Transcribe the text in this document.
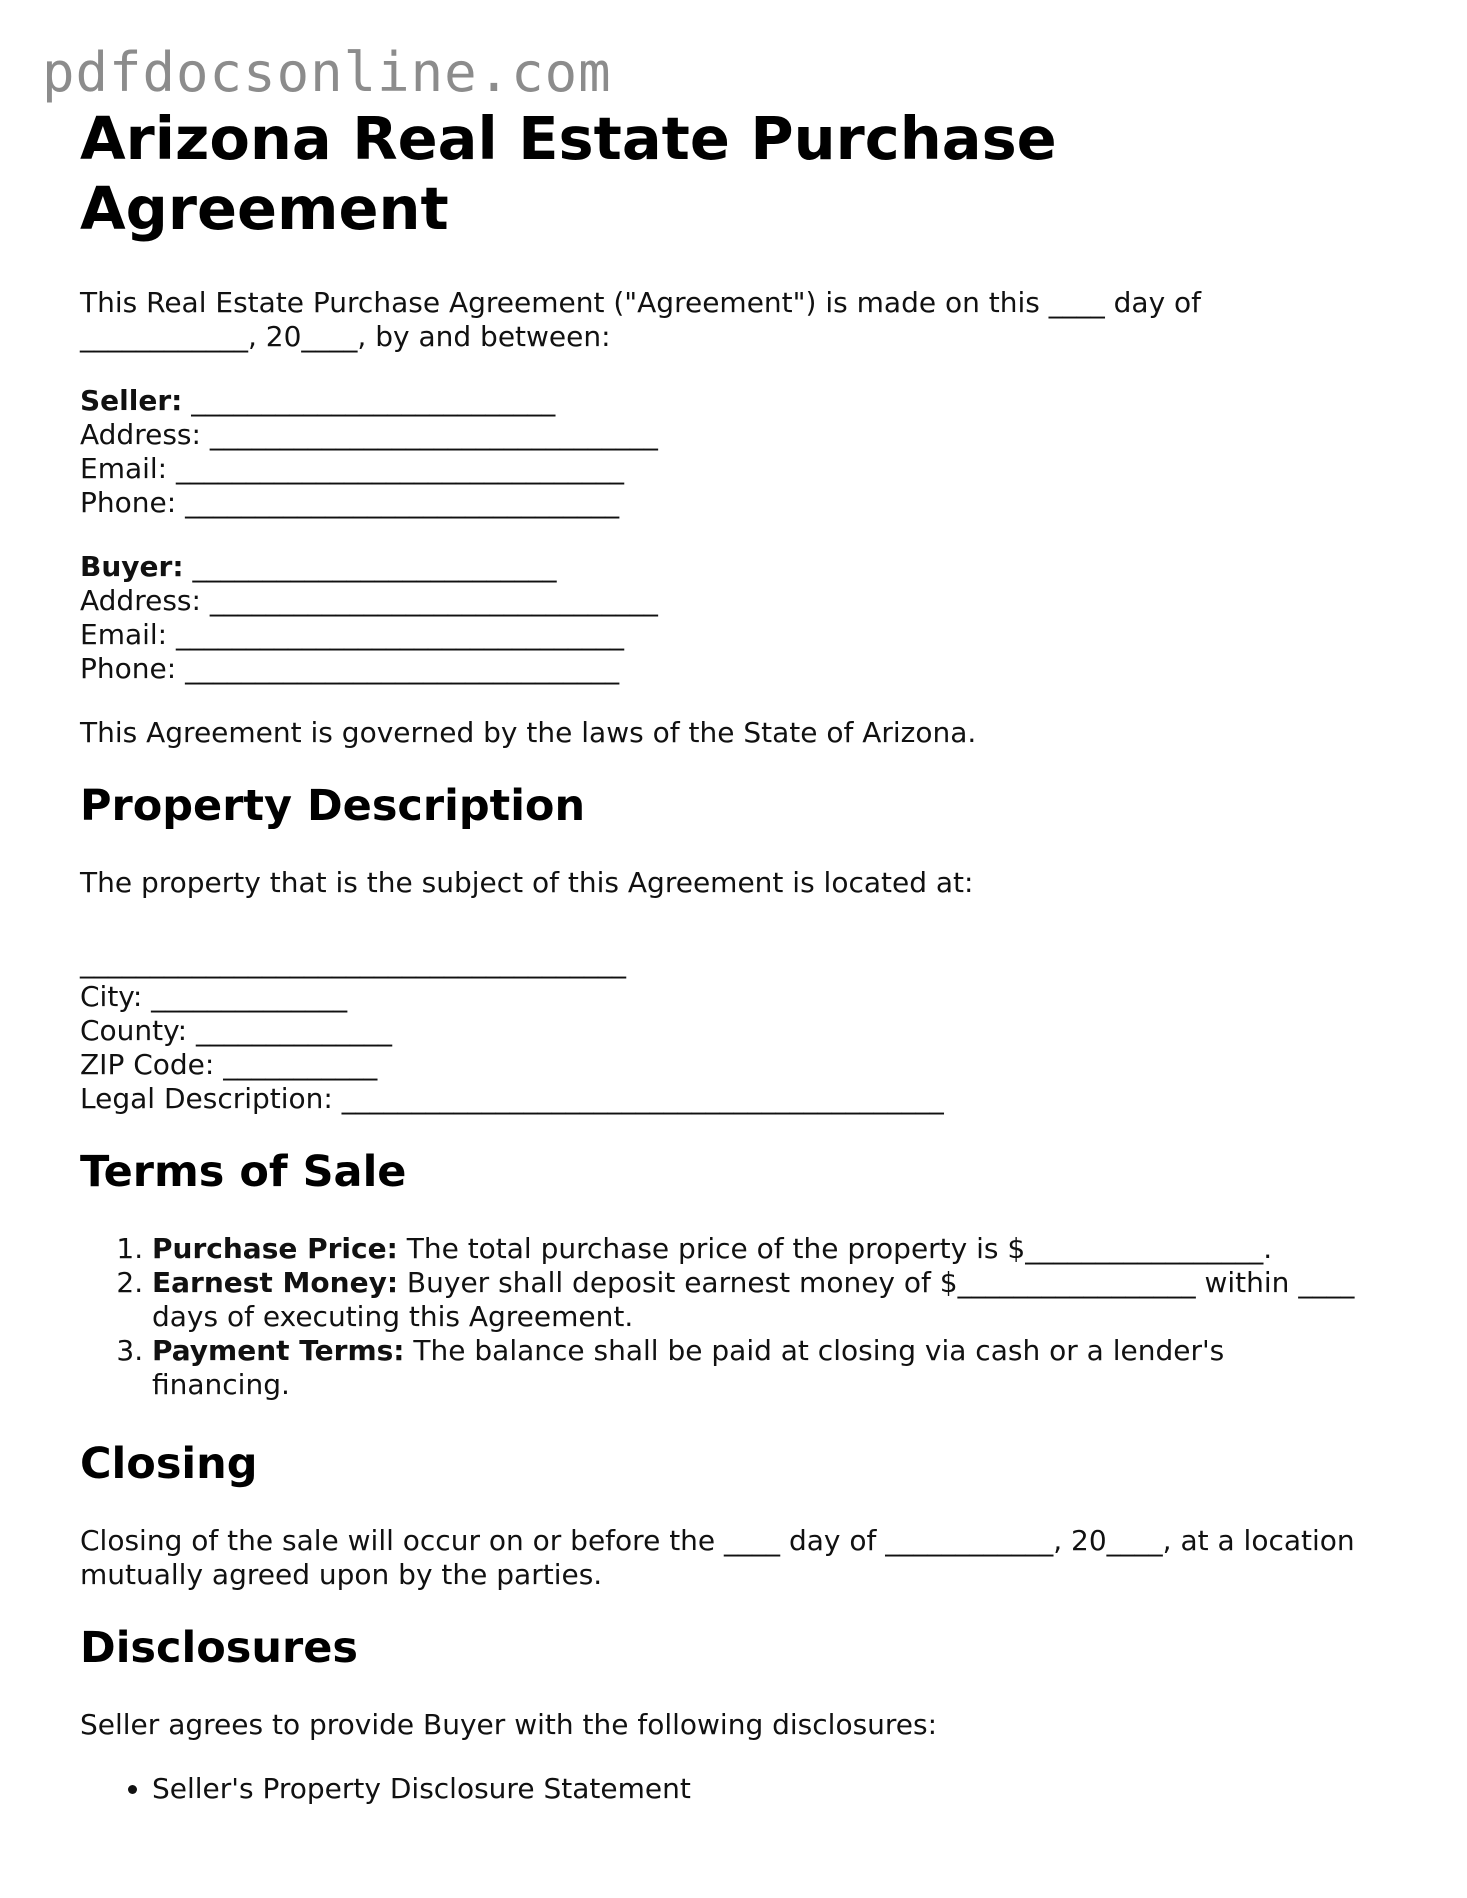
pdfdocsonline.com
Arizona Real Estate Purchase Agreement

This Real Estate Purchase Agreement ("Agreement") is made on this ____ day of ____________, 20____, by and between:

Seller: __________________________
Address: ________________________________
Email: ________________________________
Phone: _______________________________
Buyer: __________________________
Address: ________________________________
Email: ________________________________
Phone: _______________________________

This Agreement is governed by the laws of the State of Arizona.

Property Description

The property that is the subject of this Agreement is located at:

_______________________________________
City: ______________
County: ______________
ZIP Code: ___________
Legal Description: ___________________________________________
Terms of Sale
1. Purchase Price: The total purchase price of the property is $_________________.
2. Earnest Money: Buyer shall deposit earnest money of $_________________ within ____ days of executing this Agreement.
3. Payment Terms: The balance shall be paid at closing via cash or a lender's financing.
Closing

Closing of the sale will occur on or before the ____ day of ____________, 20____, at a location mutually agreed upon by the parties.

Disclosures

Seller agrees to provide Buyer with the following disclosures:

• Seller's Property Disclosure Statement
